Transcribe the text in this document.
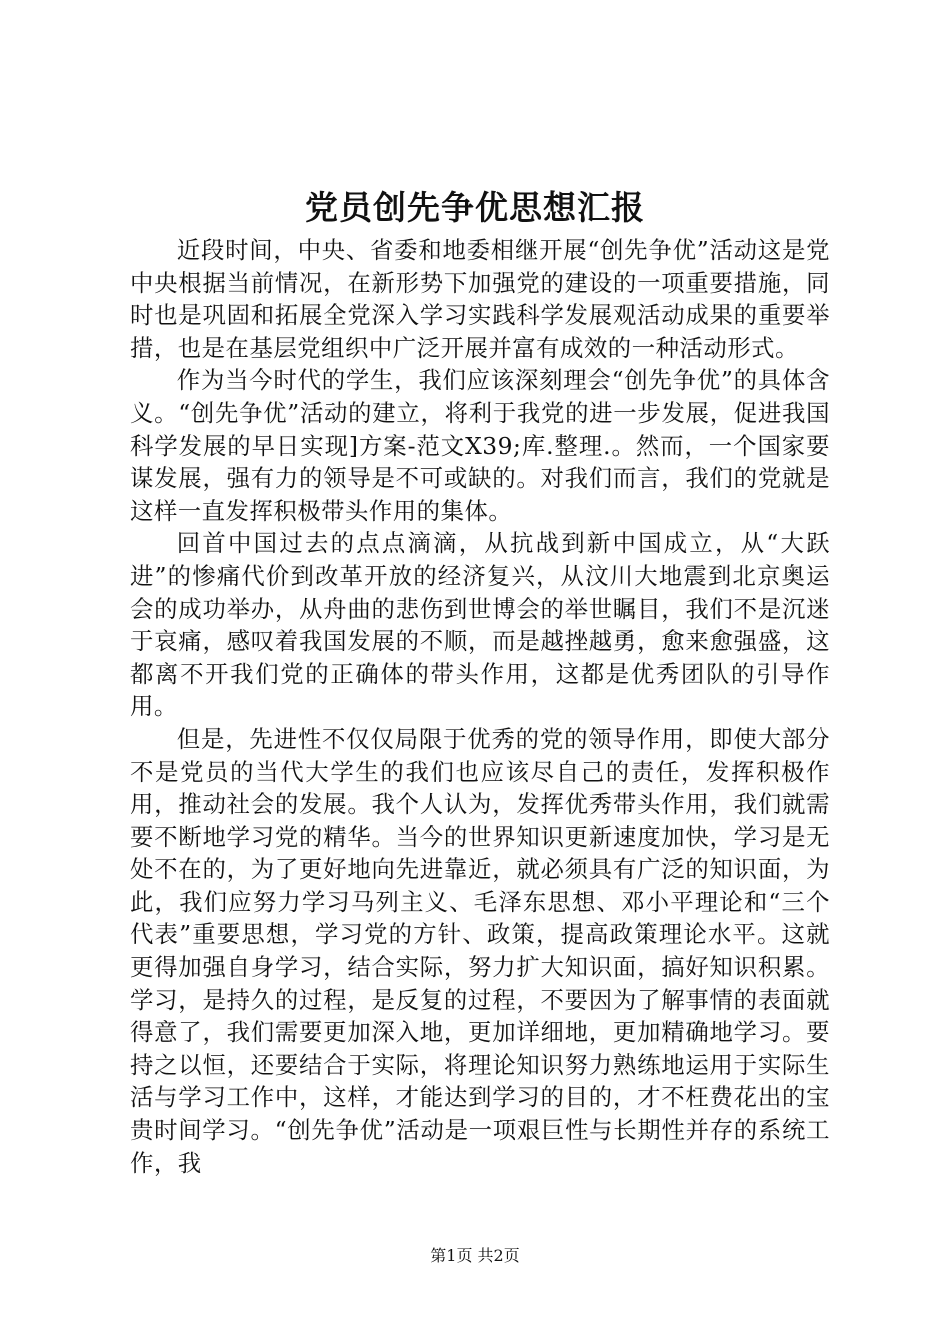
党员创先争优思想汇报

近段时间，中央、省委和地委相继开展“创先争优”活动这是党中央根据当前情况，在新形势下加强党的建设的一项重要措施，同时也是巩固和拓展全党深入学习实践科学发展观活动成果的重要举措，也是在基层党组织中广泛开展并富有成效的一种活动形式。

作为当今时代的学生，我们应该深刻理会“创先争优”的具体含义。“创先争优”活动的建立，将利于我党的进一步发展，促进我国科学发展的早日实现]方案-范文X39;库.整理.。然而，一个国家要谋发展，强有力的领导是不可或缺的。对我们而言，我们的党就是这样一直发挥积极带头作用的集体。

回首中国过去的点点滴滴，从抗战到新中国成立，从“大跃进”的惨痛代价到改革开放的经济复兴，从汶川大地震到北京奥运会的成功举办，从舟曲的悲伤到世博会的举世瞩目，我们不是沉迷于哀痛，感叹着我国发展的不顺，而是越挫越勇，愈来愈强盛，这都离不开我们党的正确体的带头作用，这都是优秀团队的引导作用。

但是，先进性不仅仅局限于优秀的党的领导作用，即使大部分不是党员的当代大学生的我们也应该尽自己的责任，发挥积极作用，推动社会的发展。我个人认为，发挥优秀带头作用，我们就需要不断地学习党的精华。当今的世界知识更新速度加快，学习是无处不在的，为了更好地向先进靠近，就必须具有广泛的知识面，为此，我们应努力学习马列主义、毛泽东思想、邓小平理论和“三个代表”重要思想，学习党的方针、政策，提高政策理论水平。这就更得加强自身学习，结合实际，努力扩大知识面，搞好知识积累。学习，是持久的过程，是反复的过程，不要因为了解事情的表面就得意了，我们需要更加深入地，更加详细地，更加精确地学习。要持之以恒，还要结合于实际，将理论知识努力熟练地运用于实际生活与学习工作中，这样，才能达到学习的目的，才不枉费花出的宝贵时间学习。“创先争优”活动是一项艰巨性与长期性并存的系统工作，我

第1页 共2页
